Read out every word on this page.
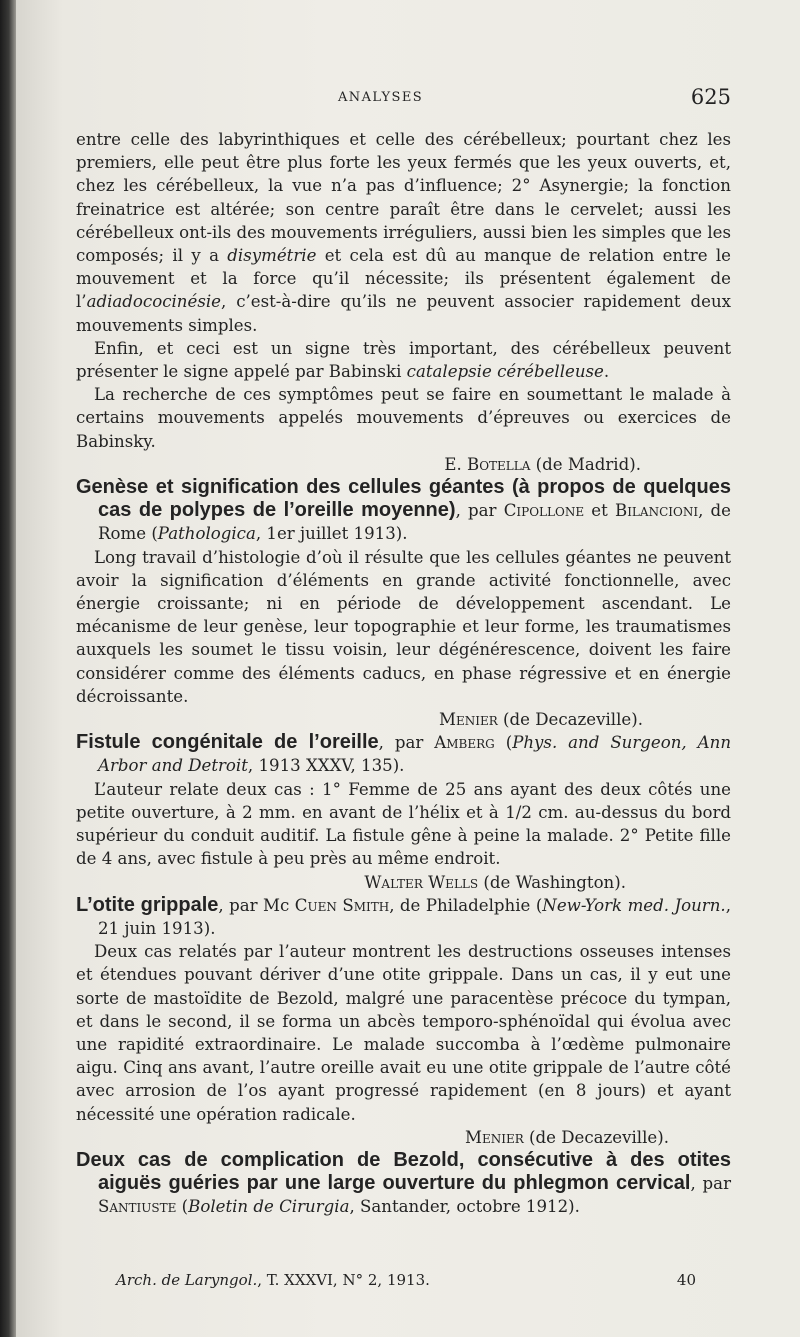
ANALYSES	625

entre celle des labyrinthiques et celle des cérébelleux; pourtant chez les premiers, elle peut être plus forte les yeux fermés que les yeux ouverts, et, chez les cérébelleux, la vue n’a pas d’influence; 2° Asynergie; la fonction freinatrice est altérée; son centre paraît être dans le cervelet; aussi les cérébelleux ont-ils des mouvements irréguliers, aussi bien les simples que les composés; il y a disymétrie et cela est dû au manque de relation entre le mouvement et la force qu’il nécessite; ils présentent également de l’adiadococinésie, c’est-à-dire qu’ils ne peuvent associer rapidement deux mouvements simples.

Enfin, et ceci est un signe très important, des cérébelleux peuvent présenter le signe appelé par Babinski catalepsie cérébelleuse.

La recherche de ces symptômes peut se faire en soumettant le malade à certains mouvements appelés mouvements d’épreuves ou exercices de Babinsky.

E. Botella (de Madrid).

Genèse et signification des cellules géantes (à propos de quelques cas de polypes de l’oreille moyenne), par Cipollone et Bilancioni, de Rome (Pathologica, 1er juillet 1913).

Long travail d’histologie d’où il résulte que les cellules géantes ne peuvent avoir la signification d’éléments en grande activité fonctionnelle, avec énergie croissante; ni en période de développement ascendant. Le mécanisme de leur genèse, leur topographie et leur forme, les traumatismes auxquels les soumet le tissu voisin, leur dégénérescence, doivent les faire considérer comme des éléments caducs, en phase régressive et en énergie décroissante.

Menier (de Decazeville).

Fistule congénitale de l’oreille, par Amberg (Phys. and Surgeon, Ann Arbor and Detroit, 1913 XXXV, 135).

L’auteur relate deux cas : 1° Femme de 25 ans ayant des deux côtés une petite ouverture, à 2 mm. en avant de l’hélix et à 1/2 cm. au-dessus du bord supérieur du conduit auditif. La fistule gêne à peine la malade. 2° Petite fille de 4 ans, avec fistule à peu près au même endroit.

Walter Wells (de Washington).

L’otite grippale, par Mc Cuen Smith, de Philadelphie (New-York med. Journ., 21 juin 1913).

Deux cas relatés par l’auteur montrent les destructions osseuses intenses et étendues pouvant dériver d’une otite grippale. Dans un cas, il y eut une sorte de mastoïdite de Bezold, malgré une paracentèse précoce du tympan, et dans le second, il se forma un abcès temporo-sphénoïdal qui évolua avec une rapidité extraordinaire. Le malade succomba à l’œdème pulmonaire aigu. Cinq ans avant, l’autre oreille avait eu une otite grippale de l’autre côté avec arrosion de l’os ayant progressé rapidement (en 8 jours) et ayant nécessité une opération radicale.

Menier (de Decazeville).

Deux cas de complication de Bezold, consécutive à des otites aiguës guéries par une large ouverture du phlegmon cervical, par Santiuste (Boletin de Cirurgia, Santander, octobre 1912).

Arch. de Laryngol., T. XXXVI, N° 2, 1913.	40
